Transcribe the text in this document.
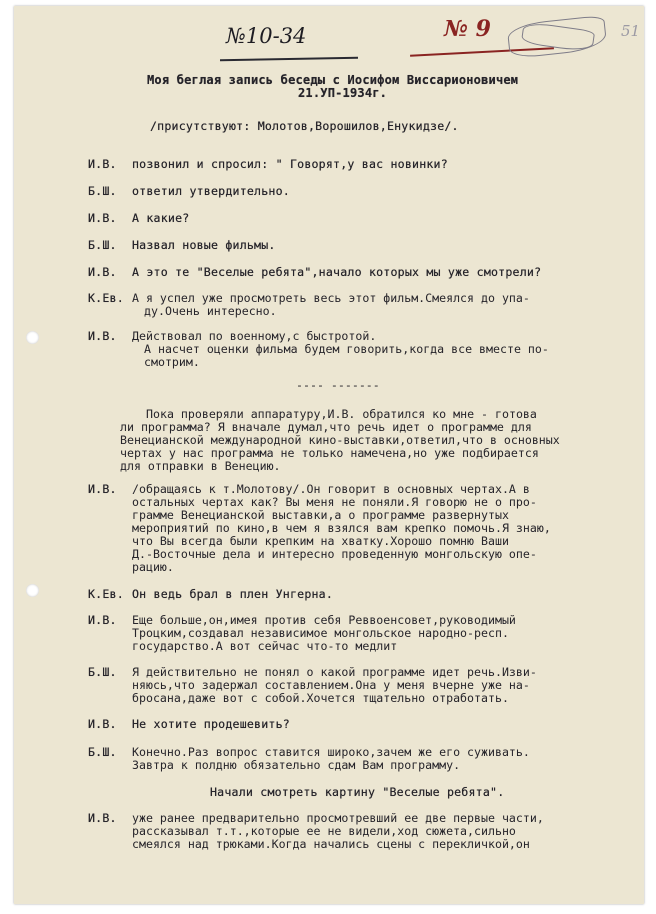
№10-34	№ 9	51
Моя беглая запись беседы с Иосифом Виссарионовичем
21.УП-1934г.
/присутствуют: Молотов,Ворошилов,Енукидзе/.
И.В. позвонил и спросил: " Говорят,у вас новинки?
Б.Ш. ответил утвердительно.
И.В. А какие?
Б.Ш. Назвал новые фильмы.
И.В. А это те "Веселые ребята",начало которых мы уже смотрели?
К.Ев. А я успел уже просмотреть весь этот фильм.Смеялся до упа-
ду.Очень интересно.
И.В. Действовал по военному,с быстротой.
А насчет оценки фильма будем говорить,когда все вместе по-
смотрим.
---- -------
Пока проверяли аппаратуру,И.В. обратился ко мне - готова
ли программа? Я вначале думал,что речь идет о программе для
Венецианской международной кино-выставки,ответил,что в основных
чертах у нас программа не только намечена,но уже подбирается
для отправки в Венецию.
И.В. /обращаясь к т.Молотову/.Он говорит в основных чертах.А в
остальных чертах как? Вы меня не поняли.Я говорю не о про-
грамме Венецианской выставки,а о программе развернутых
мероприятий по кино,в чем я взялся вам крепко помочь.Я знаю,
что Вы всегда были крепким на хватку.Хорошо помню Ваши
Д.-Восточные дела и интересно проведенную монгольскую опе-
рацию.
К.Ев. Он ведь брал в плен Унгерна.
И.В. Еще больше,он,имея против себя Реввоенсовет,руководимый
Троцким,создавал независимое монгольское народно-респ.
государство.А вот сейчас что-то медлит
Б.Ш. Я действительно не понял о какой программе идет речь.Изви-
няюсь,что задержал составлением.Она у меня вчерне уже на-
бросана,даже вот с собой.Хочется тщательно отработать.
И.В. Не хотите продешевить?
Б.Ш. Конечно.Раз вопрос ставится широко,зачем же его суживать.
Завтра к полдню обязательно сдам Вам программу.
Начали смотреть картину "Веселые ребята".
И.В. уже ранее предварительно просмотревший ее две первые части,
рассказывал т.т.,которые ее не видели,ход сюжета,сильно
смеялся над трюками.Когда начались сцены с перекличкой,он
